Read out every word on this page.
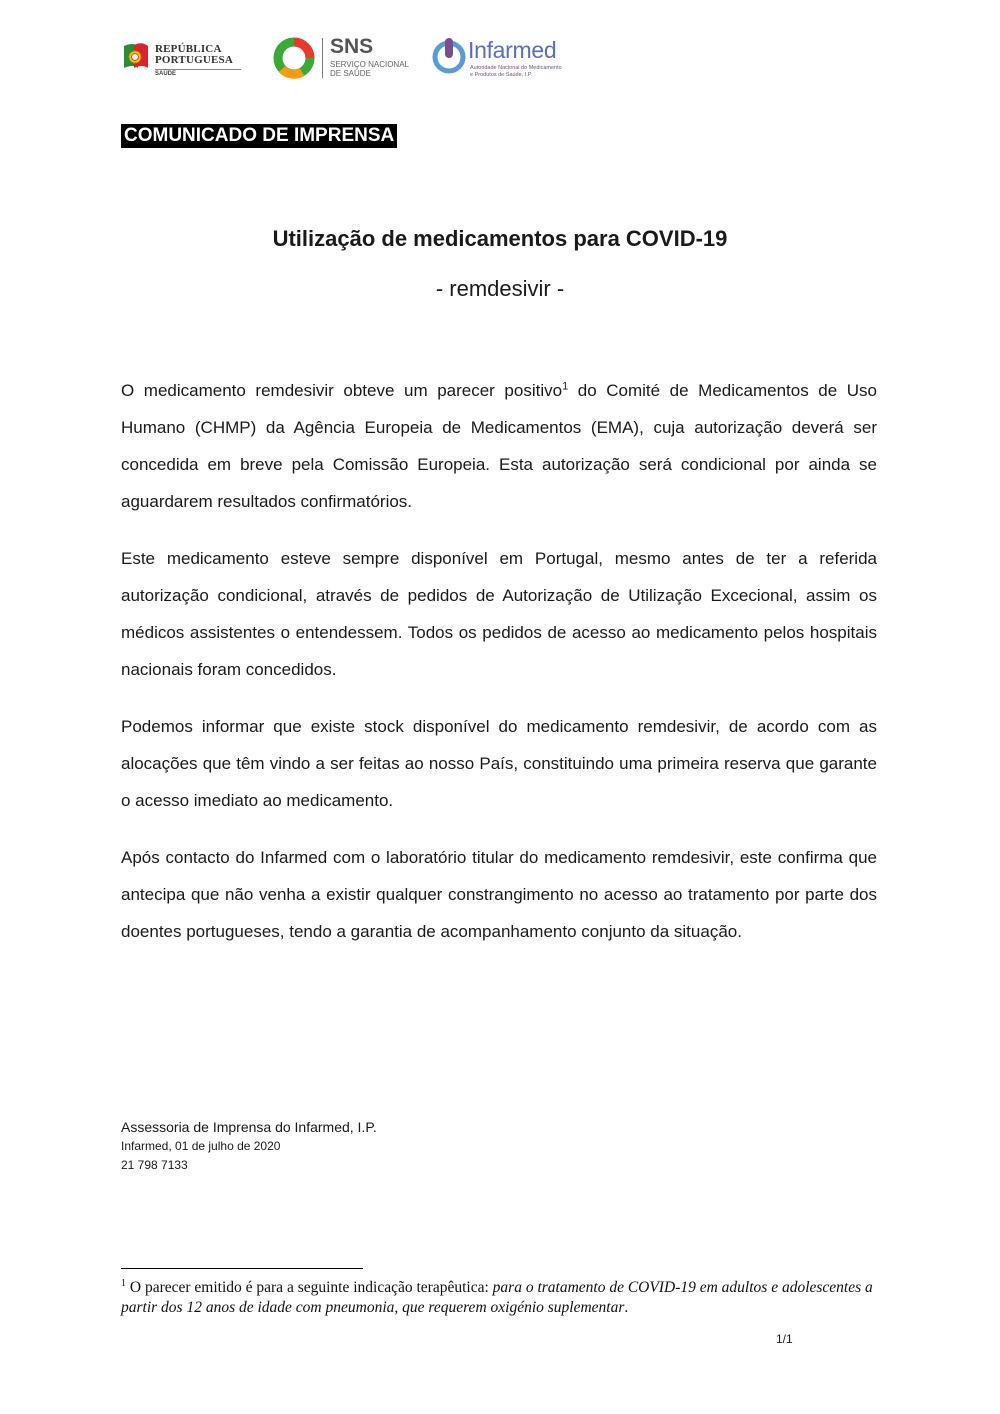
REPÚBLICA
PORTUGUESA
SAÚDE
SNS
SERVIÇO NACIONAL
DE SAÚDE
Infarmed
Autoridade Nacional do Medicamento
e Produtos de Saúde, I.P.
COMUNICADO DE IMPRENSA
Utilização de medicamentos para COVID-19
- remdesivir -

O medicamento remdesivir obteve um parecer positivo$^1$ do Comité de Medicamentos de Uso Humano (CHMP) da Agência Europeia de Medicamentos (EMA), cuja autorização deverá ser concedida em breve pela Comissão Europeia. Esta autorização será condicional por ainda se aguardarem resultados confirmatórios.

Este medicamento esteve sempre disponível em Portugal, mesmo antes de ter a referida autorização condicional, através de pedidos de Autorização de Utilização Excecional, assim os médicos assistentes o entendessem. Todos os pedidos de acesso ao medicamento pelos hospitais nacionais foram concedidos.

Podemos informar que existe stock disponível do medicamento remdesivir, de acordo com as alocações que têm vindo a ser feitas ao nosso País, constituindo uma primeira reserva que garante o acesso imediato ao medicamento.

Após contacto do Infarmed com o laboratório titular do medicamento remdesivir, este confirma que antecipa que não venha a existir qualquer constrangimento no acesso ao tratamento por parte dos doentes portugueses, tendo a garantia de acompanhamento conjunto da situação.

Assessoria de Imprensa do Infarmed, I.P.
Infarmed, 01 de julho de 2020
21 798 7133
$^1$ O parecer emitido é para a seguinte indicação terapêutica: para o tratamento de COVID-19 em adultos e adolescentes a partir dos 12 anos de idade com pneumonia, que requerem oxigénio suplementar.
1/1
